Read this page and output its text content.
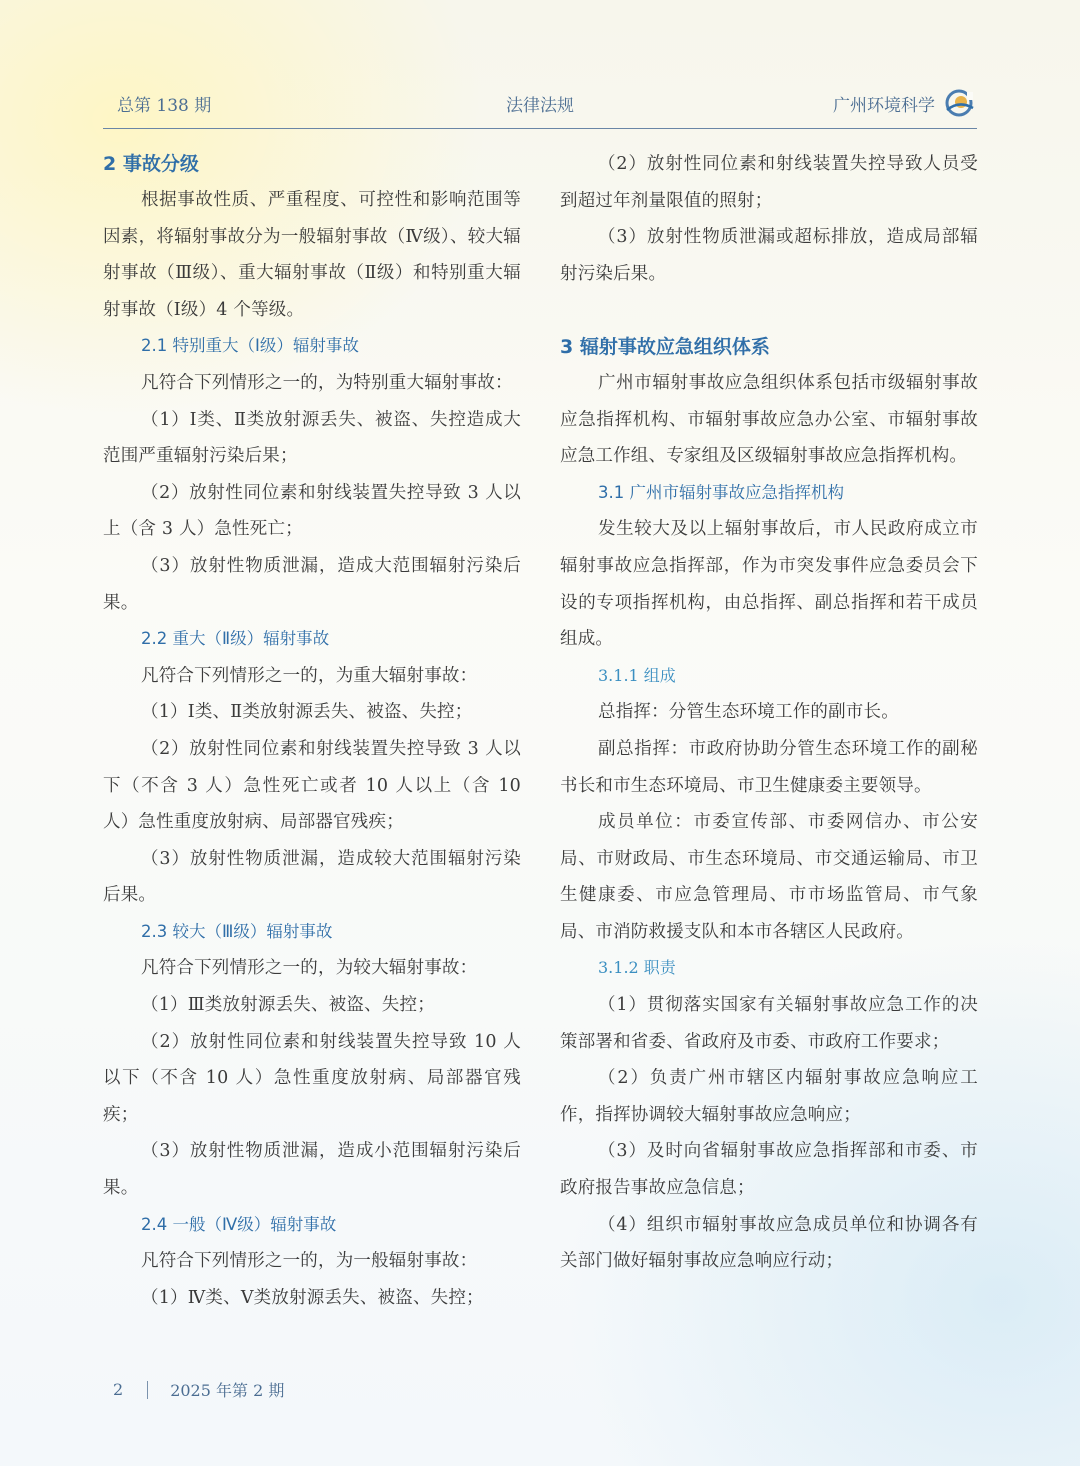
总第 138 期	法律法规	广州环境科学
2 事故分级

根据事故性质、严重程度、可控性和影响范围等因素，将辐射事故分为一般辐射事故（Ⅳ级）、较大辐射事故（Ⅲ级）、重大辐射事故（Ⅱ级）和特别重大辐射事故（Ⅰ级）4 个等级。

2.1 特别重大（Ⅰ级）辐射事故

凡符合下列情形之一的，为特别重大辐射事故：

（1）Ⅰ类、Ⅱ类放射源丢失、被盗、失控造成大范围严重辐射污染后果；

（2）放射性同位素和射线装置失控导致 3 人以上（含 3 人）急性死亡；

（3）放射性物质泄漏，造成大范围辐射污染后果。

2.2 重大（Ⅱ级）辐射事故

凡符合下列情形之一的，为重大辐射事故：

（1）Ⅰ类、Ⅱ类放射源丢失、被盗、失控；

（2）放射性同位素和射线装置失控导致 3 人以下（不含 3 人）急性死亡或者 10 人以上（含 10 人）急性重度放射病、局部器官残疾；

（3）放射性物质泄漏，造成较大范围辐射污染后果。

2.3 较大（Ⅲ级）辐射事故

凡符合下列情形之一的，为较大辐射事故：

（1）Ⅲ类放射源丢失、被盗、失控；

（2）放射性同位素和射线装置失控导致 10 人以下（不含 10 人）急性重度放射病、局部器官残疾；

（3）放射性物质泄漏，造成小范围辐射污染后果。

2.4 一般（Ⅳ级）辐射事故

凡符合下列情形之一的，为一般辐射事故：

（1）Ⅳ类、Ⅴ类放射源丢失、被盗、失控；

（2）放射性同位素和射线装置失控导致人员受到超过年剂量限值的照射；

（3）放射性物质泄漏或超标排放，造成局部辐射污染后果。

3 辐射事故应急组织体系

广州市辐射事故应急组织体系包括市级辐射事故应急指挥机构、市辐射事故应急办公室、市辐射事故应急工作组、专家组及区级辐射事故应急指挥机构。

3.1 广州市辐射事故应急指挥机构

发生较大及以上辐射事故后，市人民政府成立市辐射事故应急指挥部，作为市突发事件应急委员会下设的专项指挥机构，由总指挥、副总指挥和若干成员组成。

3.1.1 组成

总指挥：分管生态环境工作的副市长。

副总指挥：市政府协助分管生态环境工作的副秘书长和市生态环境局、市卫生健康委主要领导。

成员单位：市委宣传部、市委网信办、市公安局、市财政局、市生态环境局、市交通运输局、市卫生健康委、市应急管理局、市市场监管局、市气象局、市消防救援支队和本市各辖区人民政府。

3.1.2 职责

（1）贯彻落实国家有关辐射事故应急工作的决策部署和省委、省政府及市委、市政府工作要求；

（2）负责广州市辖区内辐射事故应急响应工作，指挥协调较大辐射事故应急响应；

（3）及时向省辐射事故应急指挥部和市委、市政府报告事故应急信息；

（4）组织市辐射事故应急成员单位和协调各有关部门做好辐射事故应急响应行动；

2	2025 年第 2 期
